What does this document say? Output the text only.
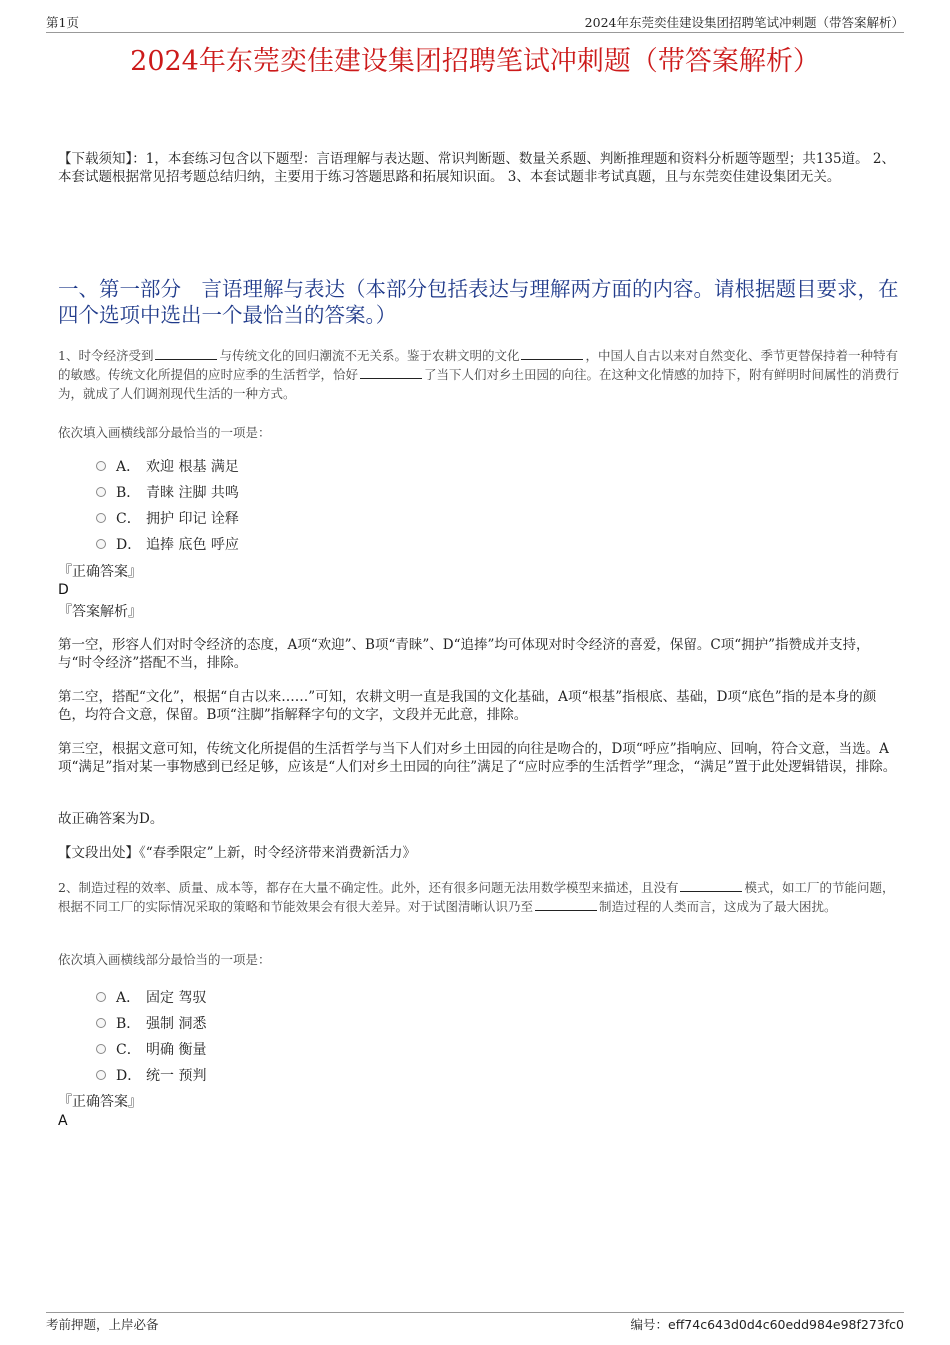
第1页	2024年东莞奕佳建设集团招聘笔试冲刺题（带答案解析）
2024年东莞奕佳建设集团招聘笔试冲刺题（带答案解析）
【下载须知】：1，本套练习包含以下题型：言语理解与表达题、常识判断题、数量关系题、判断推理题和资料分析题等题型；共135道。 2、本套试题根据常见招考题总结归纳，主要用于练习答题思路和拓展知识面。 3、本套试题非考试真题，且与东莞奕佳建设集团无关。
一、第一部分　言语理解与表达（本部分包括表达与理解两方面的内容。请根据题目要求，在四个选项中选出一个最恰当的答案。）
1、时令经济受到	与传统文化的回归潮流不无关系。鉴于农耕文明的文化	，中国人自古以来对自然变化、季节更替保持着一种特有的敏感。传统文化所提倡的应时应季的生活哲学，恰好	了当下人们对乡土田园的向往。在这种文化情感的加持下，附有鲜明时间属性的消费行为，就成了人们调剂现代生活的一种方式。
依次填入画横线部分最恰当的一项是：
A． 欢迎 根基 满足
B． 青睐 注脚 共鸣
C． 拥护 印记 诠释
D． 追捧 底色 呼应
『正确答案』
D
『答案解析』
第一空，形容人们对时令经济的态度，A项“欢迎”、B项“青睐”、D“追捧”均可体现对时令经济的喜爱，保留。C项“拥护”指赞成并支持，与“时令经济”搭配不当，排除。
第二空，搭配“文化”，根据“自古以来……”可知，农耕文明一直是我国的文化基础，A项“根基”指根底、基础，D项“底色”指的是本身的颜色，均符合文意，保留。B项“注脚”指解释字句的文字，文段并无此意，排除。
第三空，根据文意可知，传统文化所提倡的生活哲学与当下人们对乡土田园的向往是吻合的，D项“呼应”指响应、回响，符合文意，当选。A项“满足”指对某一事物感到已经足够，应该是“人们对乡土田园的向往”满足了“应时应季的生活哲学”理念，“满足”置于此处逻辑错误，排除。
故正确答案为D。
【文段出处】《“春季限定”上新，时令经济带来消费新活力》
2、制造过程的效率、质量、成本等，都存在大量不确定性。此外，还有很多问题无法用数学模型来描述，且没有	模式，如工厂的节能问题，根据不同工厂的实际情况采取的策略和节能效果会有很大差异。对于试图清晰认识乃至	制造过程的人类而言，这成为了最大困扰。
依次填入画横线部分最恰当的一项是：
A． 固定 驾驭
B． 强制 洞悉
C． 明确 衡量
D． 统一 预判
『正确答案』
A
考前押题，上岸必备	编号：eff74c643d0d4c60edd984e98f273fc0
